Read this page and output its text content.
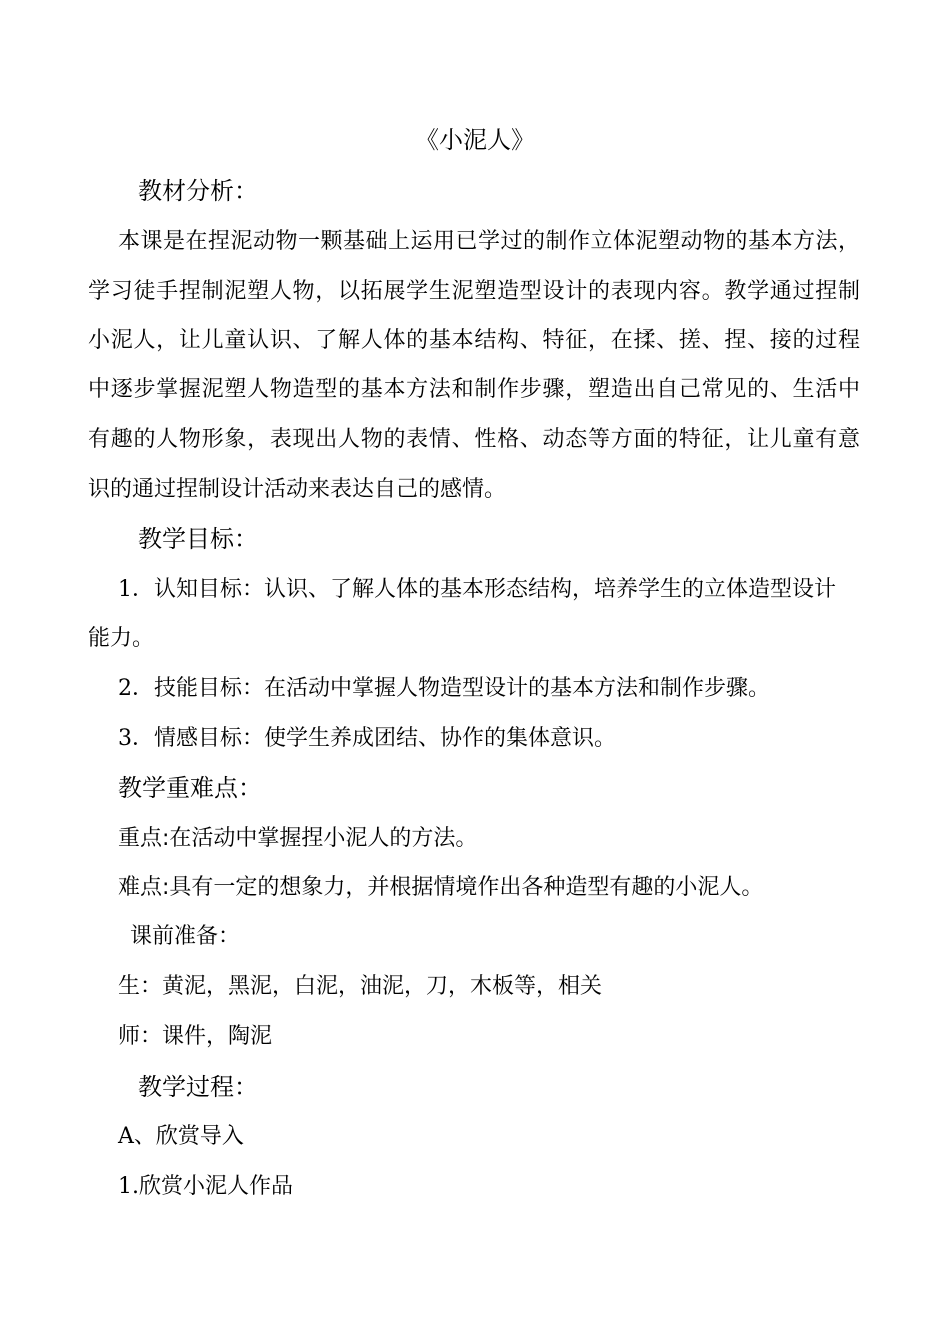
《小泥人》
教材分析：
本课是在捏泥动物一颗基础上运用已学过的制作立体泥塑动物的基本方法，
学习徒手捏制泥塑人物，以拓展学生泥塑造型设计的表现内容。教学通过捏制
小泥人，让儿童认识、了解人体的基本结构、特征，在揉、搓、捏、接的过程
中逐步掌握泥塑人物造型的基本方法和制作步骤，塑造出自己常见的、生活中
有趣的人物形象，表现出人物的表情、性格、动态等方面的特征，让儿童有意
识的通过捏制设计活动来表达自己的感情。
教学目标：
1．认知目标：认识、了解人体的基本形态结构，培养学生的立体造型设计
能力。
2．技能目标：在活动中掌握人物造型设计的基本方法和制作步骤。
3．情感目标：使学生养成团结、协作的集体意识。
教学重难点：
重点:在活动中掌握捏小泥人的方法。
难点:具有一定的想象力，并根据情境作出各种造型有趣的小泥人。
课前准备：
生：黄泥，黑泥，白泥，油泥，刀，木板等，相关
师：课件，陶泥
教学过程：
A、欣赏导入
1.欣赏小泥人作品
